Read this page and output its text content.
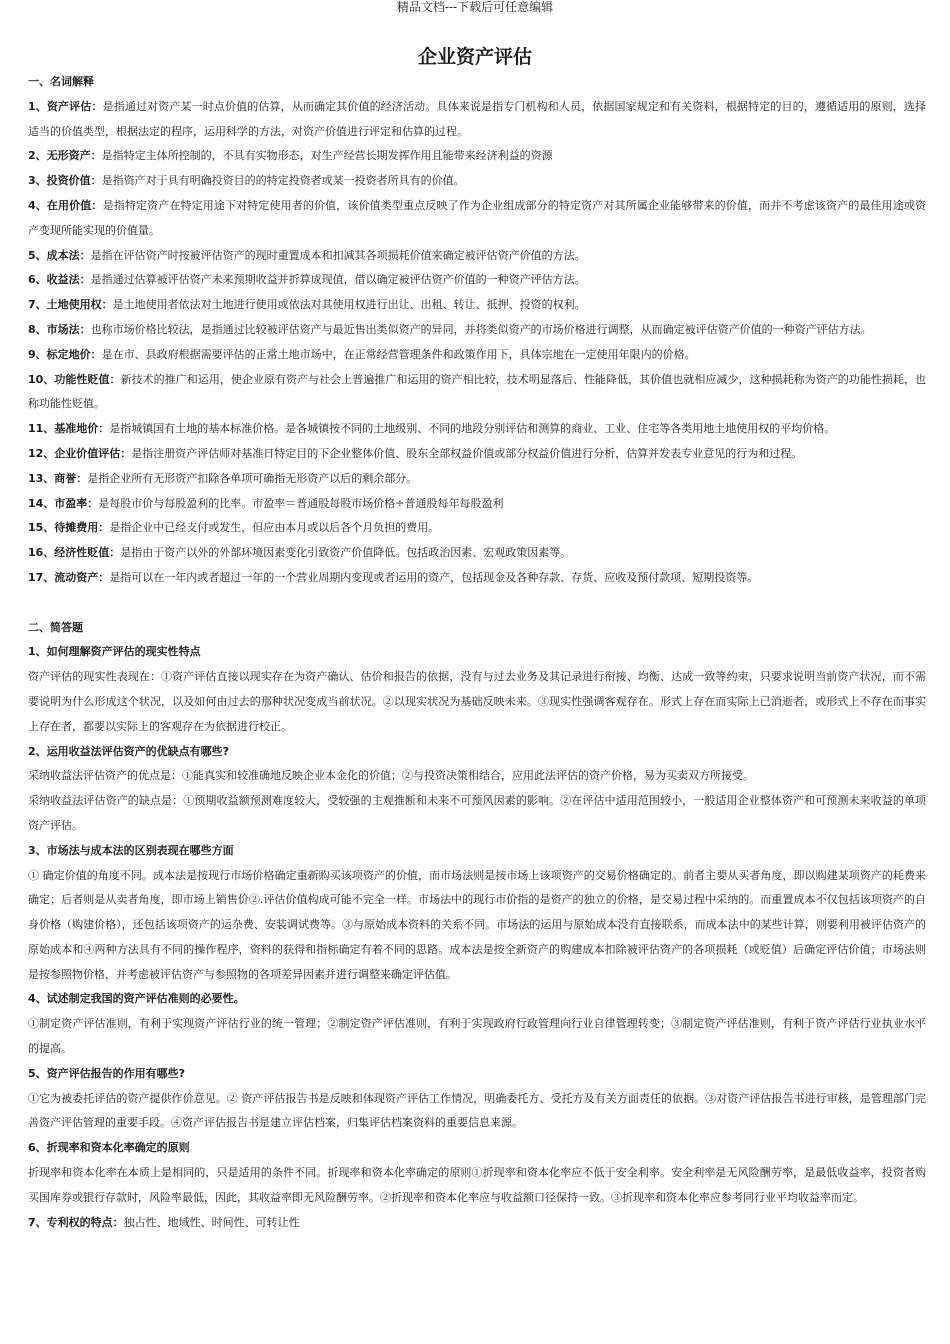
精品文档---下载后可任意编辑
企业资产评估

一、名词解释

1、资产评估：是指通过对资产某一时点价值的估算，从而确定其价值的经济活动。具体来说是指专门机构和人员，依据国家规定和有关资料，根据特定的目的，遵循适用的原则，选择适当的价值类型，根据法定的程序，运用科学的方法，对资产价值进行评定和估算的过程。

2、无形资产：是指特定主体所控制的，不具有实物形态，对生产经营长期发挥作用且能带来经济利益的资源

3、投资价值：是指资产对于具有明确投资目的的特定投资者或某一投资者所具有的价值。

4、在用价值：是指特定资产在特定用途下对特定使用者的价值，该价值类型重点反映了作为企业组成部分的特定资产对其所属企业能够带来的价值，而并不考虑该资产的最佳用途或资产变现所能实现的价值量。

5、成本法：是指在评估资产时按被评估资产的现时重置成本和扣减其各项损耗价值来确定被评估资产价值的方法。

6、收益法：是指通过估算被评估资产未来预期收益并折算成现值，借以确定被评估资产价值的一种资产评估方法。

7、土地使用权：是土地使用者依法对土地进行使用或依法对其使用权进行出让、出租、转让、抵押、投资的权利。

8、市场法：也称市场价格比较法，是指通过比较被评估资产与最近售出类似资产的异同，并将类似资产的市场价格进行调整，从而确定被评估资产价值的一种资产评估方法。

9、标定地价：是在市、县政府根据需要评估的正常土地市场中，在正常经营管理条件和政策作用下，具体宗地在一定使用年限内的价格。

10、功能性贬值：新技术的推广和运用，使企业原有资产与社会上普遍推广和运用的资产相比较，技术明显落后、性能降低，其价值也就相应减少，这种损耗称为资产的功能性损耗，也称功能性贬值。

11、基准地价：是指城镇国有土地的基本标准价格。是各城镇按不同的土地级别、不同的地段分别评估和测算的商业、工业、住宅等各类用地土地使用权的平均价格。

12、企业价值评估：是指注册资产评估师对基准日特定目的下企业整体价值、股东全部权益价值或部分权益价值进行分析，估算并发表专业意见的行为和过程。

13、商誉：是指企业所有无形资产扣除各单项可确指无形资产以后的剩余部分。

14、市盈率：是每股市价与每股盈利的比率。市盈率＝普通股每股市场价格÷普通股每年每股盈利

15、待摊费用：是指企业中已经支付或发生，但应由本月或以后各个月负担的费用。

16、经济性贬值：是指由于资产以外的外部环境因素变化引致资产价值降低。包括政治因素、宏观政策因素等。

17、流动资产：是指可以在一年内或者超过一年的一个营业周期内变现或者运用的资产，包括现金及各种存款、存货、应收及预付款项、短期投资等。

二、简答题

1、如何理解资产评估的现实性特点

资产评估的现实性表现在：①资产评估直接以现实存在为资产确认、估价和报告的依据，没有与过去业务及其记录进行衔接、均衡、达成一致等约束，只要求说明当前资产状况，而不需要说明为什么形成这个状况，以及如何由过去的那种状况变成当前状况。②以现实状况为基础反映未来。③现实性强调客观存在。形式上存在而实际上已消逝者，或形式上不存在而事实上存在者，都要以实际上的客观存在为依据进行校正。

2、运用收益法评估资产的优缺点有哪些?

采纳收益法评估资产的优点是：①能真实和较准确地反映企业本金化的价值；②与投资决策相结合，应用此法评估的资产价格，易为买卖双方所接受。

采纳收益法评估资产的缺点是：①预期收益额预测难度较大，受较强的主观推断和未来不可预风因素的影响。②在评估中适用范围较小，一般适用企业整体资产和可预测未来收益的单项资产评估。

3、市场法与成本法的区别表现在哪些方面

① 确定价值的角度不同。成本法是按现行市场价格确定重新购买该项资产的价值，而市场法则是按市场上该项资产的交易价格确定的。前者主要从买者角度，即以购建某项资产的耗费来确定；后者则是从卖者角度，即市场上销售价②.评估价值构成可能不完全一样。市场法中的现行市价指的是资产的独立的价格，是交易过程中采纳的。而重置成本不仅包括该项资产的自身价格（购建价格），还包括该项资产的运杂费、安装调试费等。③与原始成本资料的关系不同。市场法的运用与原始成本没有直接联系，而成本法中的某些计算，则要利用被评估资产的原始成本和④两种方法具有不同的操作程序，资料的获得和指标确定有着不同的思路。成本法是按全新资产的购建成本扣除被评估资产的各项损耗（或贬值）后确定评估价值；市场法则是按参照物价格，并考虑被评估资产与参照物的各项差异因素并进行调整来确定评估值。

4、试述制定我国的资产评估准则的必要性。

①制定资产评估准则，有利于实现资产评估行业的统一管理；②制定资产评估准则，有利于实现政府行政管理向行业自律管理转变；③制定资产评估准则，有利于资产评估行业执业水平的提高。

5、资产评估报告的作用有哪些?

①它为被委托评估的资产提供作价意见。② 资产评估报告书是反映和体现资产评估工作情况，明确委托方、受托方及有关方面责任的依据。③对资产评估报告书进行审核，是管理部门完善资产评估管理的重要手段。④资产评估报告书是建立评估档案，归集评估档案资料的重要信息来源。

6、折现率和资本化率确定的原则

折现率和资本化率在本质上是相同的，只是适用的条件不同。折现率和资本化率确定的原则①折现率和资本化率应不低于安全利率。安全利率是无风险酬劳率，是最低收益率，投资者购买国库券或银行存款时，风险率最低，因此，其收益率即无风险酬劳率。②折现率和资本化率应与收益额口径保持一致。③折现率和资本化率应参考同行业平均收益率而定。

7、专利权的特点：独占性、地域性、时间性、可转让性
